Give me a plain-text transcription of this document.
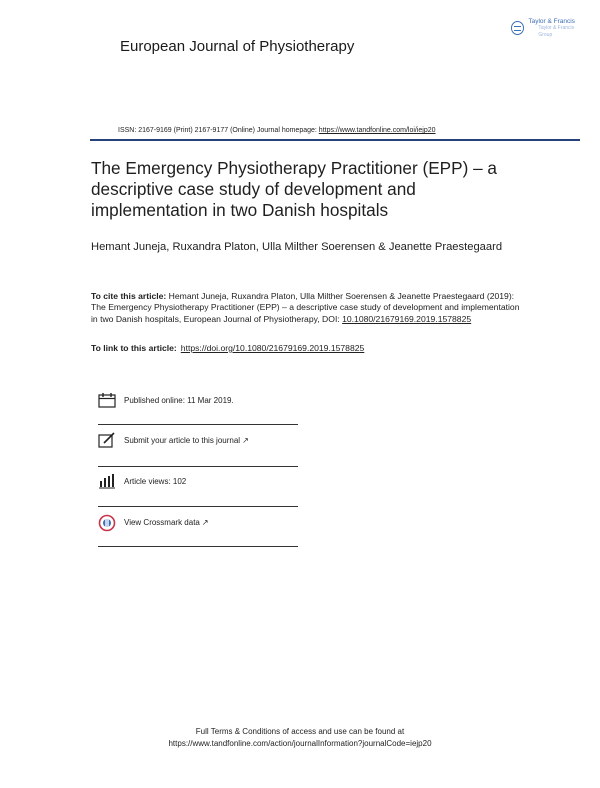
European Journal of Physiotherapy
Taylor & Francis
Taylor & Francis Group
ISSN: 2167-9169 (Print) 2167-9177 (Online) Journal homepage: https://www.tandfonline.com/loi/iejp20
The Emergency Physiotherapy Practitioner (EPP) – a descriptive case study of development and implementation in two Danish hospitals
Hemant Juneja, Ruxandra Platon, Ulla Milther Soerensen & Jeanette Praestegaard
To cite this article: Hemant Juneja, Ruxandra Platon, Ulla Milther Soerensen & Jeanette Praestegaard (2019): The Emergency Physiotherapy Practitioner (EPP) – a descriptive case study of development and implementation in two Danish hospitals, European Journal of Physiotherapy, DOI: 10.1080/21679169.2019.1578825
To link to this article: https://doi.org/10.1080/21679169.2019.1578825
Published online: 11 Mar 2019.
Submit your article to this journal ↗
Article views: 102
View Crossmark data ↗
Full Terms & Conditions of access and use can be found at
https://www.tandfonline.com/action/journalInformation?journalCode=iejp20
